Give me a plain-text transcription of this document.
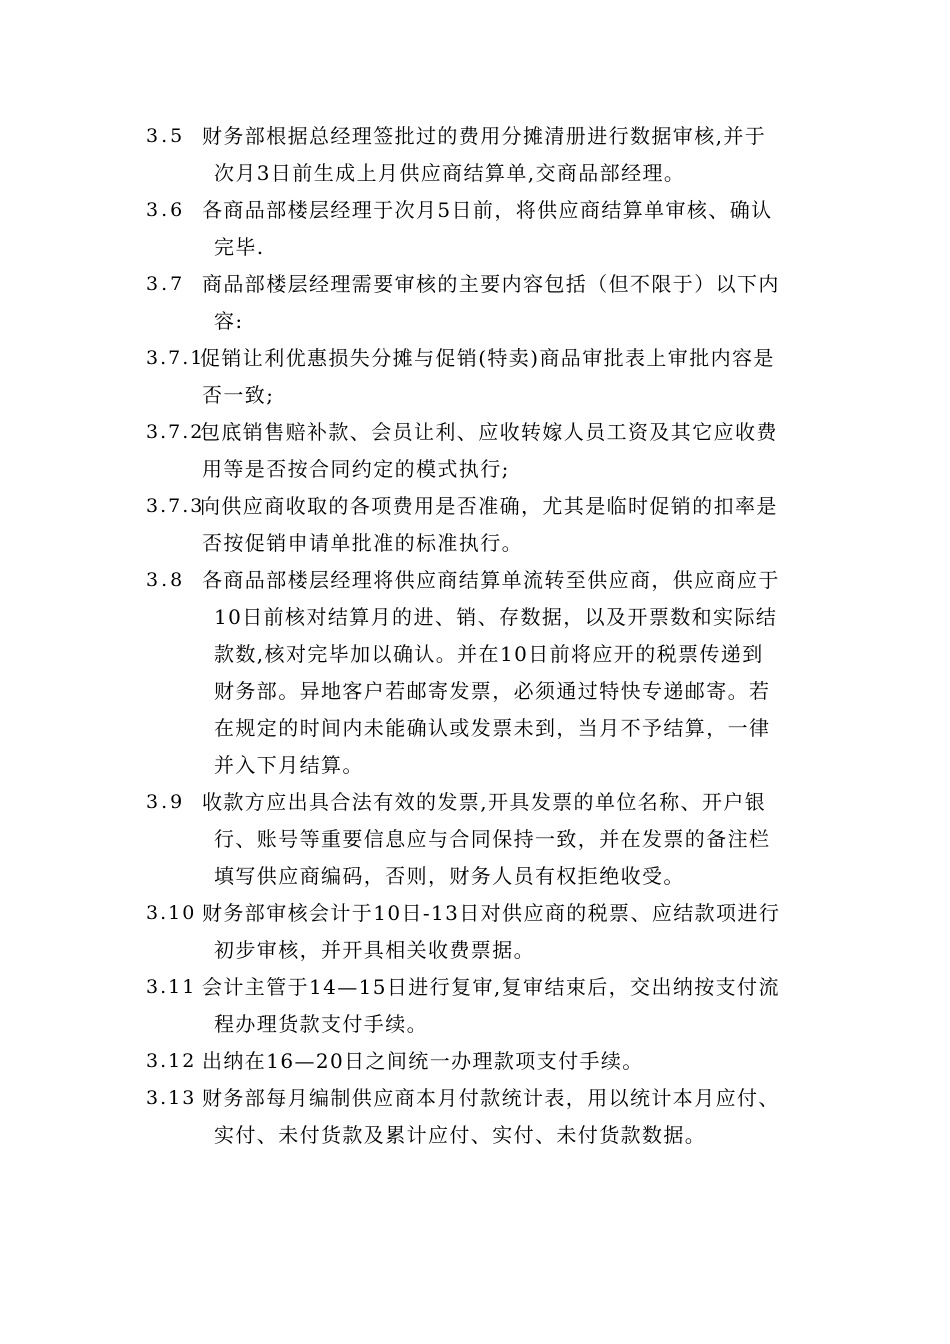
3.5 财务部根据总经理签批过的费用分摊清册进行数据审核,并于
次月3日前生成上月供应商结算单,交商品部经理。
3.6 各商品部楼层经理于次月5日前，将供应商结算单审核、确认
完毕.
3.7 商品部楼层经理需要审核的主要内容包括（但不限于）以下内
容:
3.7.1
促销让利优惠损失分摊与促销(特卖)商品审批表上审批内容是
否一致;
3.7.2
包底销售赔补款、会员让利、应收转嫁人员工资及其它应收费
用等是否按合同约定的模式执行;
3.7.3
向供应商收取的各项费用是否准确，尤其是临时促销的扣率是
否按促销申请单批准的标准执行。
3.8 各商品部楼层经理将供应商结算单流转至供应商，供应商应于
10日前核对结算月的进、销、存数据，以及开票数和实际结
款数,核对完毕加以确认。并在10日前将应开的税票传递到
财务部。异地客户若邮寄发票，必须通过特快专递邮寄。若
在规定的时间内未能确认或发票未到，当月不予结算，一律
并入下月结算。
3.9 收款方应出具合法有效的发票,开具发票的单位名称、开户银
行、账号等重要信息应与合同保持一致，并在发票的备注栏
填写供应商编码，否则，财务人员有权拒绝收受。
3.10 财务部审核会计于10日-13日对供应商的税票、应结款项进行
初步审核，并开具相关收费票据。
3.11 会计主管于14—15日进行复审,复审结束后，交出纳按支付流
程办理货款支付手续。
3.12 出纳在16—20日之间统一办理款项支付手续。
3.13 财务部每月编制供应商本月付款统计表，用以统计本月应付、
实付、未付货款及累计应付、实付、未付货款数据。
